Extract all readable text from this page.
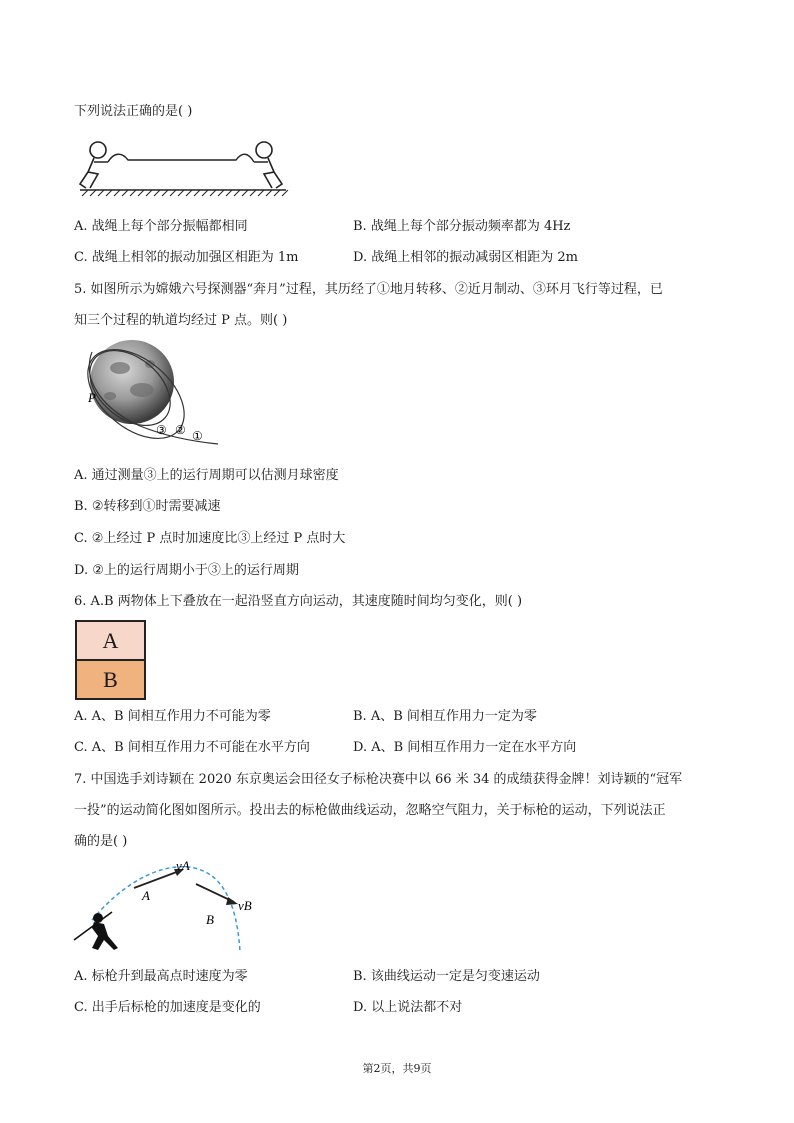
下列说法正确的是( )
A. 战绳上每个部分振幅都相同	B. 战绳上每个部分振动频率都为 4Hz
C. 战绳上相邻的振动加强区相距为 1m	D. 战绳上相邻的振动减弱区相距为 2m
5. 如图所示为嫦娥六号探测器“奔月”过程，其历经了①地月转移、②近月制动、③环月飞行等过程，已
知三个过程的轨道均经过 P 点。则( )
P
③ ② ①
A. 通过测量③上的运行周期可以估测月球密度
B. ②转移到①时需要减速
C. ②上经过 P 点时加速度比③上经过 P 点时大
D. ②上的运行周期小于③上的运行周期
6. A.B 两物体上下叠放在一起沿竖直方向运动，其速度随时间均匀变化，则( )
A
B
A. A、B 间相互作用力不可能为零	B. A、B 间相互作用力一定为零
C. A、B 间相互作用力不可能在水平方向	D. A、B 间相互作用力一定在水平方向
7. 中国选手刘诗颖在 2020 东京奥运会田径女子标枪决赛中以 66 米 34 的成绩获得金牌！刘诗颖的“冠军
一投”的运动简化图如图所示。投出去的标枪做曲线运动，忽略空气阻力，关于标枪的运动，下列说法正
确的是( )
vA
A
B
vB
A. 标枪升到最高点时速度为零	B. 该曲线运动一定是匀变速运动
C. 出手后标枪的加速度是变化的	D. 以上说法都不对
第2页，共9页
